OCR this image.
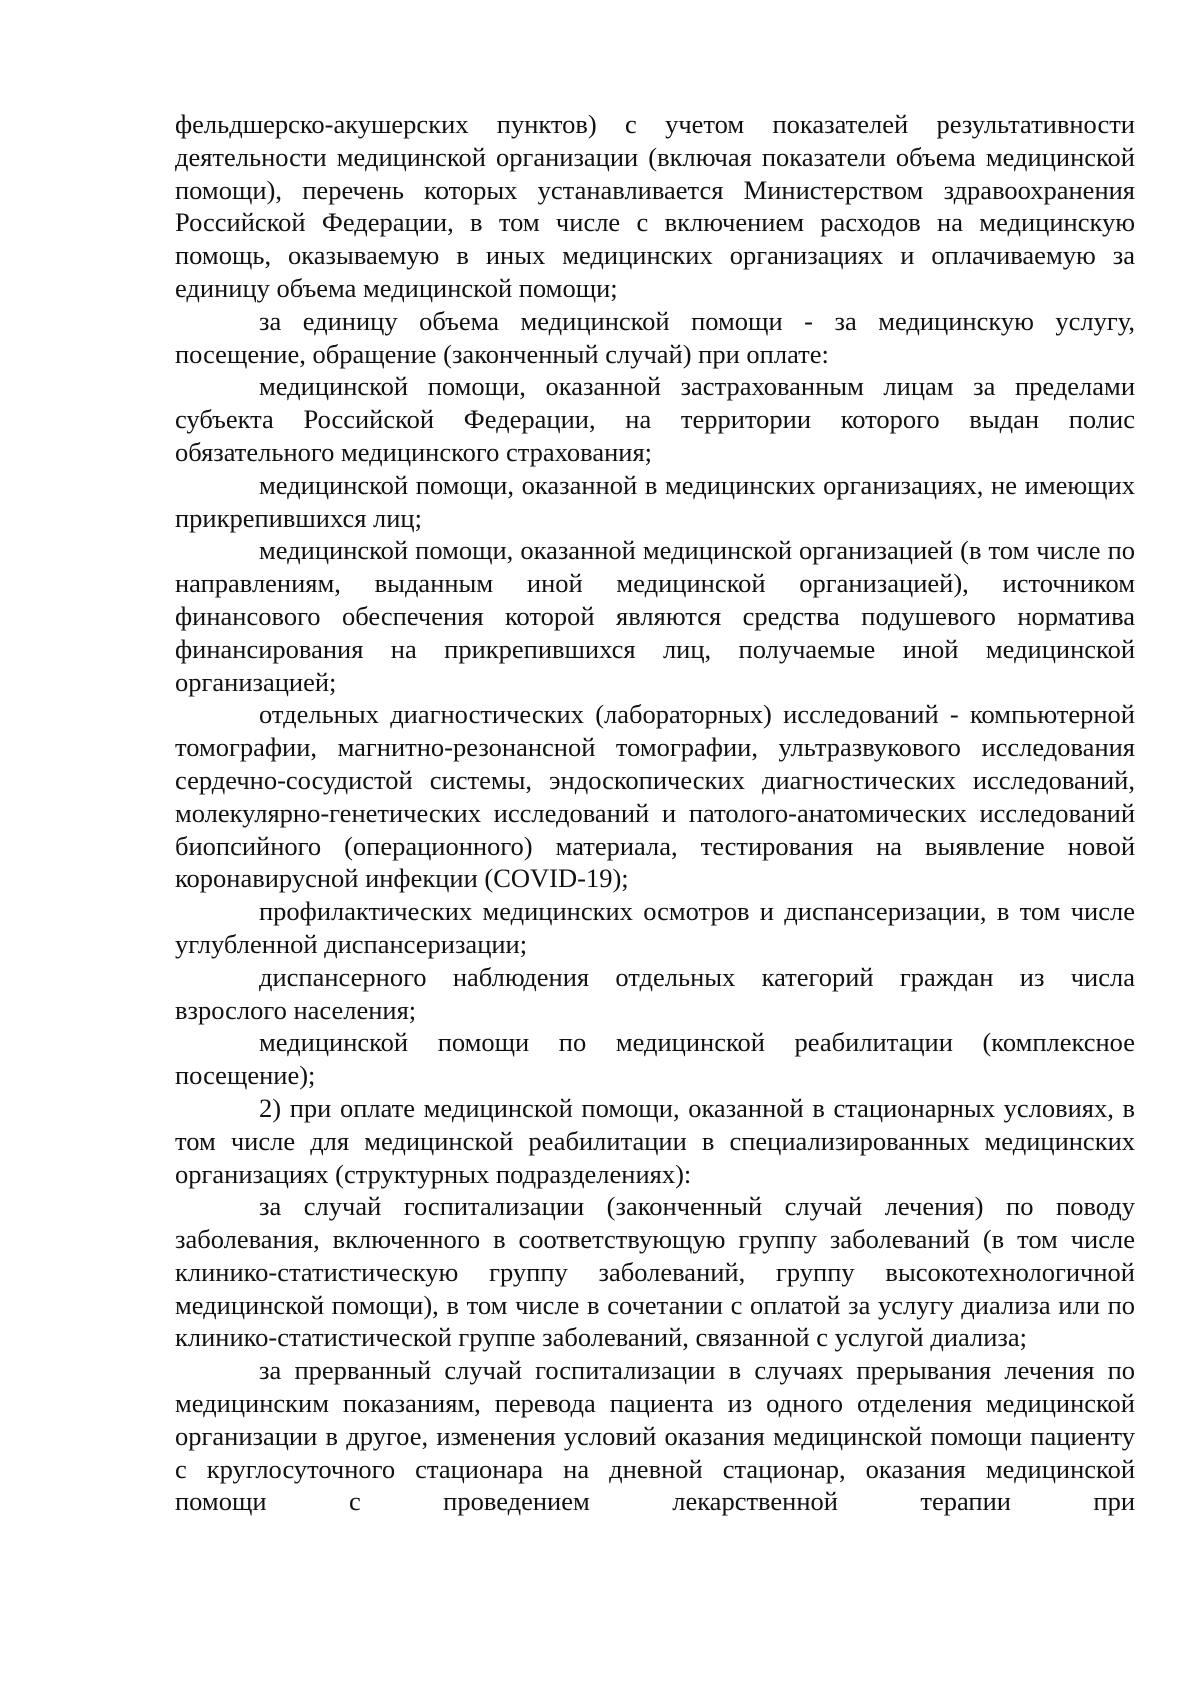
фельдшерско-акушерских пунктов) с учетом показателей результативности деятельности медицинской организации (включая показатели объема медицинской помощи), перечень которых устанавливается Министерством здравоохранения Российской Федерации, в том числе с включением расходов на медицинскую помощь, оказываемую в иных медицинских организациях и оплачиваемую за единицу объема медицинской помощи;

за единицу объема медицинской помощи - за медицинскую услугу, посещение, обращение (законченный случай) при оплате:

медицинской помощи, оказанной застрахованным лицам за пределами субъекта Российской Федерации, на территории которого выдан полис обязательного медицинского страхования;

медицинской помощи, оказанной в медицинских организациях, не имеющих прикрепившихся лиц;

медицинской помощи, оказанной медицинской организацией (в том числе по направлениям, выданным иной медицинской организацией), источником финансового обеспечения которой являются средства подушевого норматива финансирования на прикрепившихся лиц, получаемые иной медицинской организацией;

отдельных диагностических (лабораторных) исследований - компьютерной томографии, магнитно-резонансной томографии, ультразвукового исследования сердечно-сосудистой системы, эндоскопических диагностических исследований, молекулярно-генетических исследований и патолого-анатомических исследований биопсийного (операционного) материала, тестирования на выявление новой коронавирусной инфекции (COVID-19);

профилактических медицинских осмотров и диспансеризации, в том числе углубленной диспансеризации;

диспансерного наблюдения отдельных категорий граждан из числа взрослого населения;

медицинской помощи по медицинской реабилитации (комплексное посещение);

2) при оплате медицинской помощи, оказанной в стационарных условиях, в том числе для медицинской реабилитации в специализированных медицинских организациях (структурных подразделениях):

за случай госпитализации (законченный случай лечения) по поводу заболевания, включенного в соответствующую группу заболеваний (в том числе клинико-статистическую группу заболеваний, группу высокотехнологичной медицинской помощи), в том числе в сочетании с оплатой за услугу диализа или по клинико-статистической группе заболеваний, связанной с услугой диализа;

за прерванный случай госпитализации в случаях прерывания лечения по медицинским показаниям, перевода пациента из одного отделения медицинской организации в другое, изменения условий оказания медицинской помощи пациенту с круглосуточного стационара на дневной стационар, оказания медицинской помощи с проведением лекарственной терапии при
